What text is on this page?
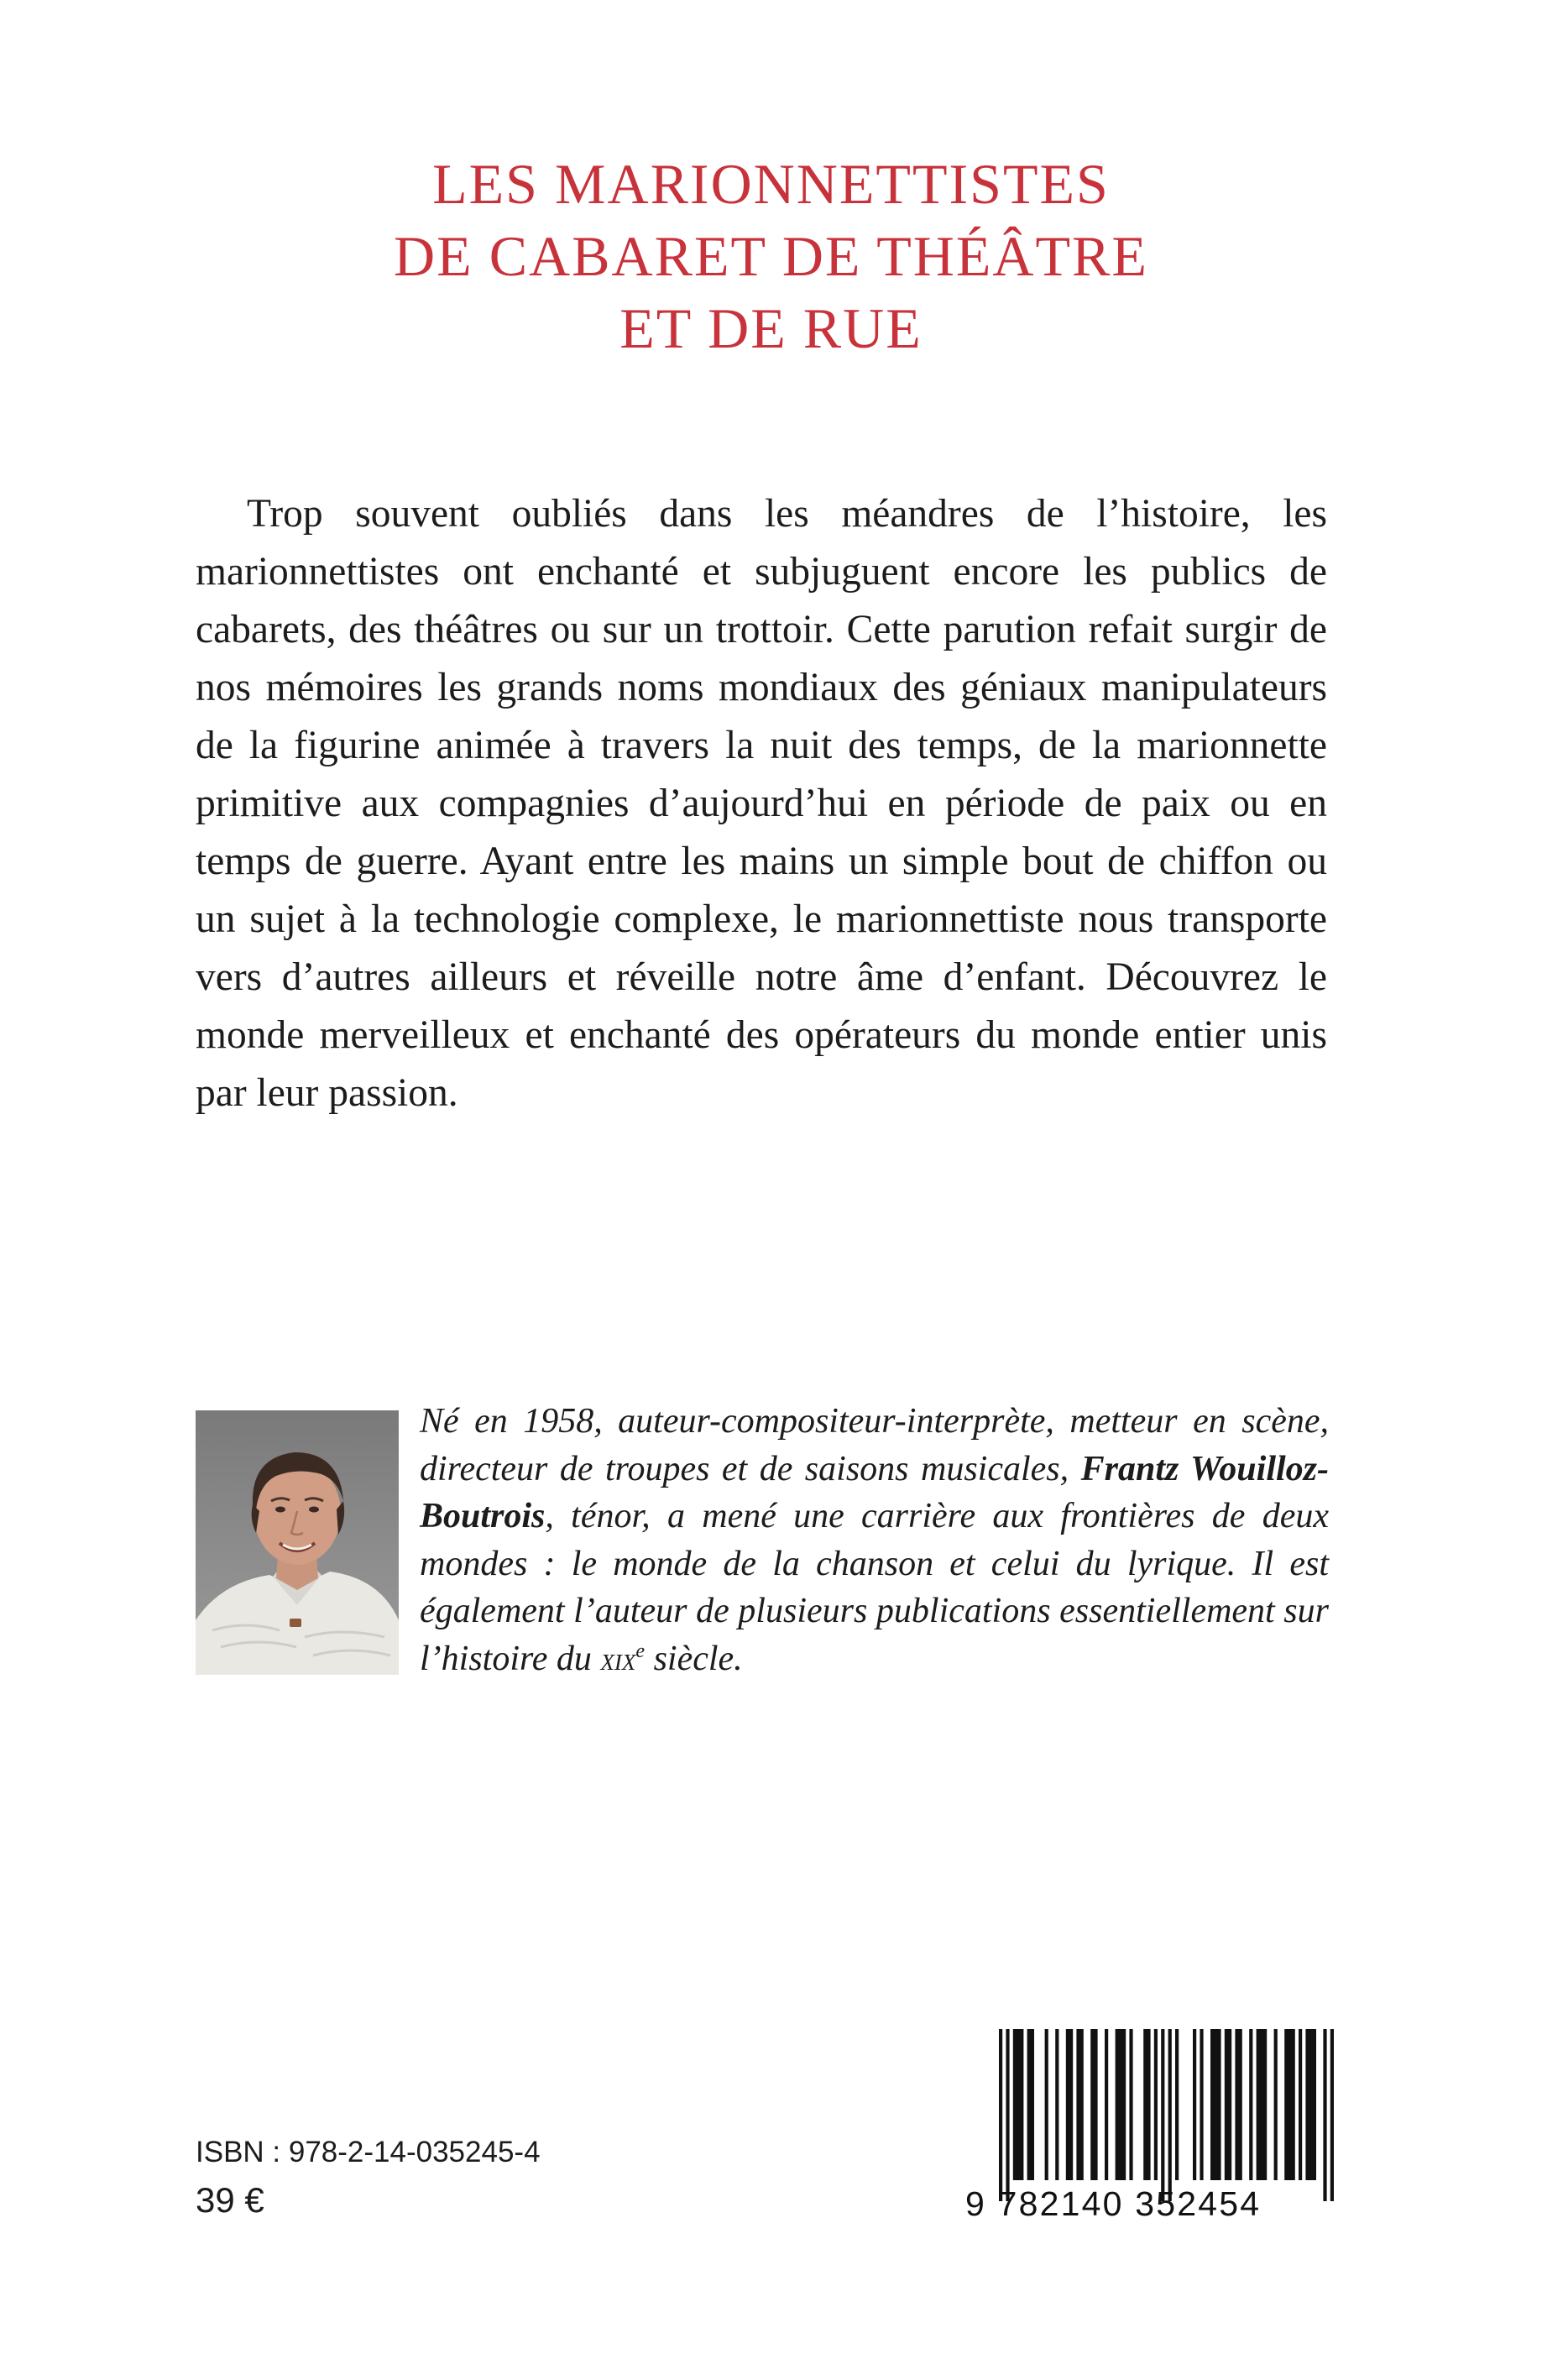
LES MARIONNETTISTES
DE CABARET DE THÉÂTRE
ET DE RUE

Trop souvent oubliés dans les méandres de l’histoire, les marionnettistes ont enchanté et subjuguent encore les publics de cabarets, des théâtres ou sur un trottoir. Cette parution refait surgir de nos mémoires les grands noms mondiaux des géniaux manipulateurs de la figurine animée à travers la nuit des temps, de la marionnette primitive aux compagnies d’aujourd’hui en période de paix ou en temps de guerre. Ayant entre les mains un simple bout de chiffon ou un sujet à la technologie complexe, le marionnettiste nous transporte vers d’autres ailleurs et réveille notre âme d’enfant. Découvrez le monde merveilleux et enchanté des opérateurs du monde entier unis par leur passion.

Né en 1958, auteur-compositeur-interprète, metteur en scène, directeur de troupes et de saisons musicales, Frantz Wouilloz-Boutrois, ténor, a mené une carrière aux frontières de deux mondes : le monde de la chanson et celui du lyrique. Il est également l’auteur de plusieurs publications essentiellement sur l’histoire du xix$^e$ siècle.

ISBN : 978-2-14-035245-4
39 €	9 782140 352454
